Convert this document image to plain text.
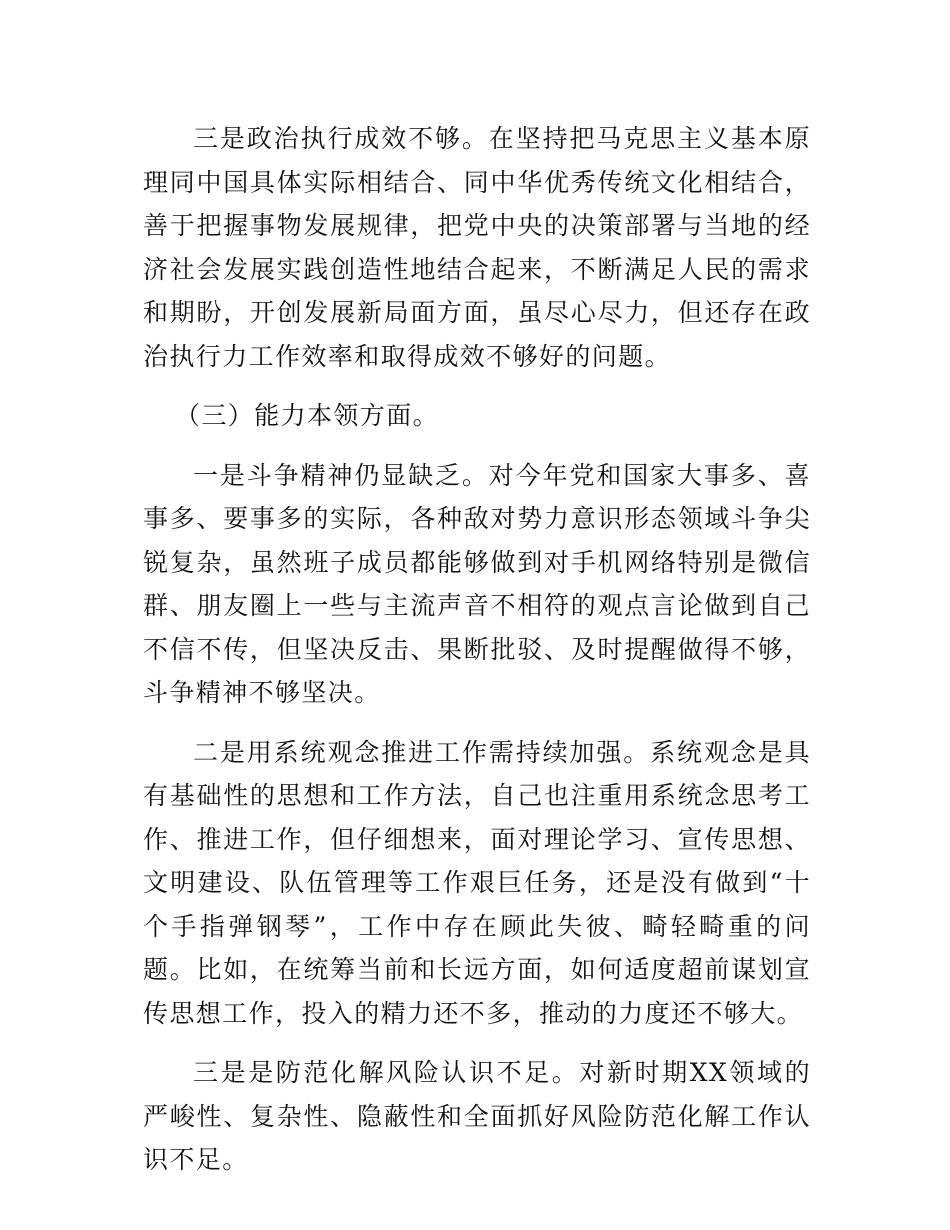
三是政治执行成效不够。在坚持把马克思主义基本原理同中国具体实际相结合、同中华优秀传统文化相结合，善于把握事物发展规律，把党中央的决策部署与当地的经济社会发展实践创造性地结合起来，不断满足人民的需求和期盼，开创发展新局面方面，虽尽心尽力，但还存在政治执行力工作效率和取得成效不够好的问题。

（三）能力本领方面。

一是斗争精神仍显缺乏。对今年党和国家大事多、喜事多、要事多的实际，各种敌对势力意识形态领域斗争尖锐复杂，虽然班子成员都能够做到对手机网络特别是微信群、朋友圈上一些与主流声音不相符的观点言论做到自己不信不传，但坚决反击、果断批驳、及时提醒做得不够，斗争精神不够坚决。

二是用系统观念推进工作需持续加强。系统观念是具有基础性的思想和工作方法，自己也注重用系统念思考工作、推进工作，但仔细想来，面对理论学习、宣传思想、文明建设、队伍管理等工作艰巨任务，还是没有做到“十个手指弹钢琴”，工作中存在顾此失彼、畸轻畸重的问题。比如，在统筹当前和长远方面，如何适度超前谋划宣传思想工作，投入的精力还不多，推动的力度还不够大。

三是是防范化解风险认识不足。对新时期XX领域的严峻性、复杂性、隐蔽性和全面抓好风险防范化解工作认识不足。
